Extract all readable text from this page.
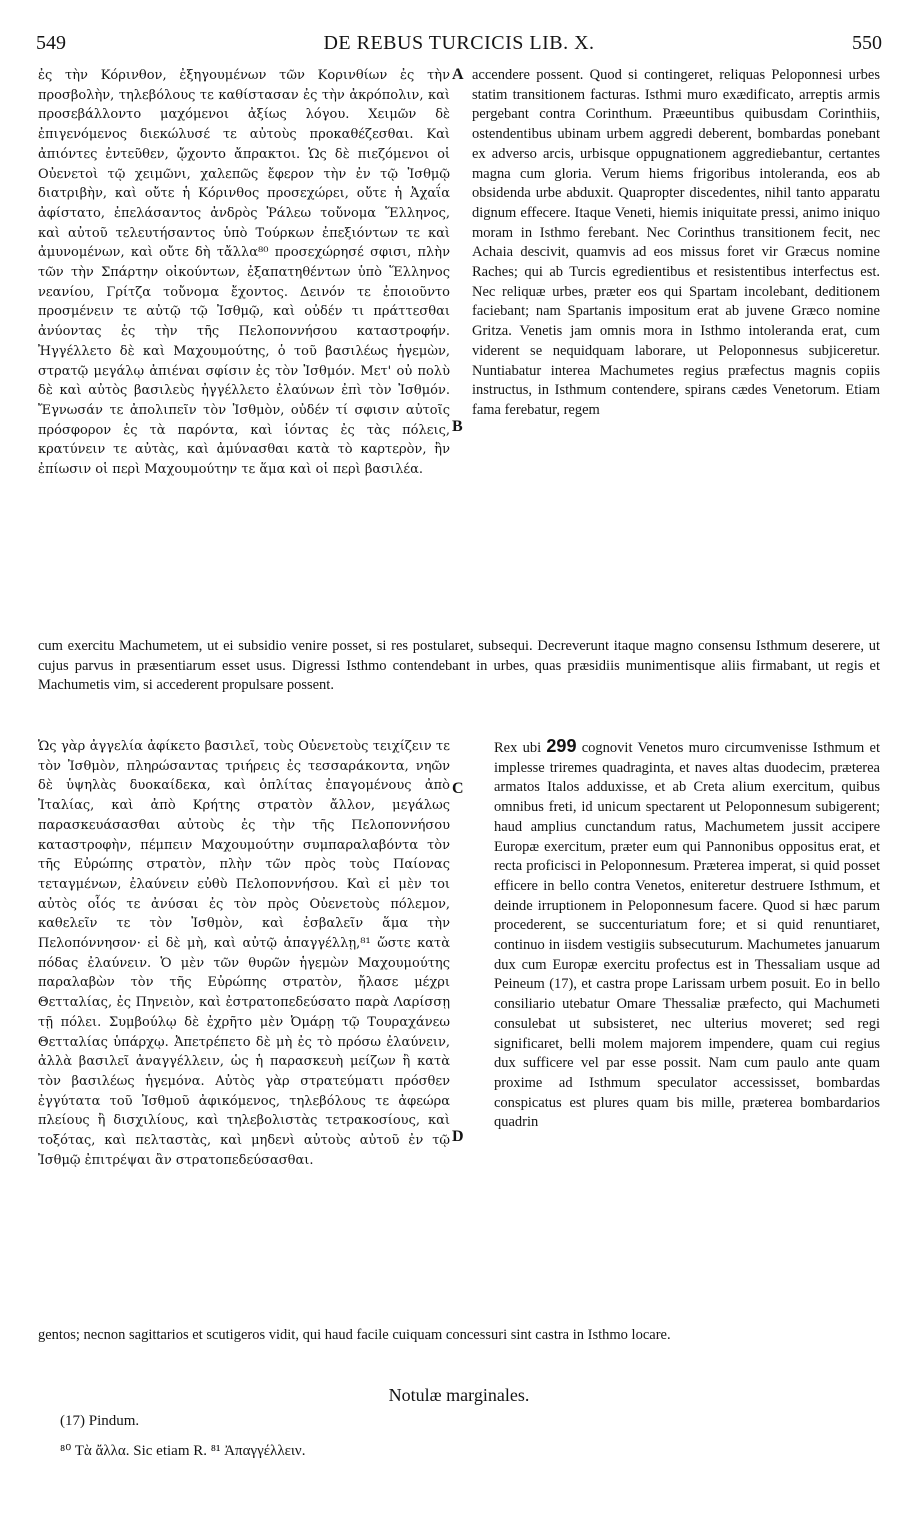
549	DE REBUS TURCICIS LIB. X.	550

ἐς τὴν Κόρινθον, ἐξηγουμένων τῶν Κορινθίων ἐς τὴν προσβολὴν, τηλεβόλους τε καθίστασαν ἐς τὴν ἀκρόπολιν, καὶ προσεβάλλοντο μαχόμενοι ἀξίως λόγου. Χειμῶν δὲ ἐπιγενόμενος διεκώλυσέ τε αὐτοὺς προκαθέζεσθαι. Καὶ ἀπιόντες ἐντεῦθεν, ᾤχοντο ἄπρακτοι. Ὡς δὲ πιεζόμενοι οἱ Οὐενετοὶ τῷ χειμῶνι, χαλεπῶς ἔφερον τὴν ἐν τῷ Ἰσθμῷ διατριβὴν, καὶ οὔτε ἡ Κόρινθος προσεχώρει, οὔτε ἡ Ἀχαΐα ἀφίστατο, ἐπελάσαντος ἀνδρὸς Ῥάλεω τοὔνομα Ἕλληνος, καὶ αὐτοῦ τελευτήσαντος ὑπὸ Τούρκων ἐπεξιόντων τε καὶ ἀμυνομένων, καὶ οὔτε δὴ τἄλλα⁸⁰ προσεχώρησέ σφισι, πλὴν τῶν τὴν Σπάρτην οἰκούντων, ἐξαπατηθέντων ὑπὸ Ἕλληνος νεανίου, Γρίτζα τοὔνομα ἔχοντος. Δεινόν τε ἐποιοῦντο προσμένειν τε αὐτῷ τῷ Ἰσθμῷ, καὶ οὐδέν τι πράττεσθαι ἀνύοντας ἐς τὴν τῆς Πελοποννήσου καταστροφήν. Ἠγγέλλετο δὲ καὶ Μαχουμούτης, ὁ τοῦ βασιλέως ἡγεμὼν, στρατῷ μεγάλῳ ἀπιέναι σφίσιν ἐς τὸν Ἰσθμόν. Μετ' οὐ πολὺ δὲ καὶ αὐτὸς βασιλεὺς ἠγγέλλετο ἐλαύνων ἐπὶ τὸν Ἰσθμόν. Ἔγνωσάν τε ἀπολιπεῖν τὸν Ἰσθμὸν, οὐδέν τί σφισιν αὐτοῖς πρόσφορον ἐς τὰ παρόντα, καὶ ἰόντας ἐς τὰς πόλεις, κρατύνειν τε αὐτὰς, καὶ ἀμύνασθαι κατὰ τὸ καρτερὸν, ἢν ἐπίωσιν οἱ περὶ Μαχουμούτην τε ἅμα καὶ οἱ περὶ βασιλέα.

A
B

accendere possent. Quod si contingeret, reliquas Peloponnesi urbes statim transitionem facturas. Isthmi muro exædificato, arreptis armis pergebant contra Corinthum. Præeuntibus quibusdam Corinthiis, ostendentibus ubinam urbem aggredi deberent, bombardas ponebant ex adverso arcis, urbisque oppugnationem aggrediebantur, certantes magna cum gloria. Verum hiems frigoribus intoleranda, eos ab obsidenda urbe abduxit. Quapropter discedentes, nihil tanto apparatu dignum effecere. Itaque Veneti, hiemis iniquitate pressi, animo iniquo moram in Isthmo ferebant. Nec Corinthus transitionem fecit, nec Achaia descivit, quamvis ad eos missus foret vir Græcus nomine Raches; qui ab Turcis egredientibus et resistentibus interfectus est. Nec reliquæ urbes, præter eos qui Spartam incolebant, deditionem faciebant; nam Spartanis impositum erat ab juvene Græco nomine Gritza. Venetis jam omnis mora in Isthmo intoleranda erat, cum viderent se nequidquam laborare, ut Peloponnesus subjiceretur. Nuntiabatur interea Machumetes regius præfectus magnis copiis instructus, in Isthmum contendere, spirans cædes Venetorum. Etiam fama ferebatur, regem

cum exercitu Machumetem, ut ei subsidio venire posset, si res postularet, subsequi. Decreverunt itaque magno consensu Isthmum deserere, ut cujus parvus in præsentiarum esset usus. Digressi Isthmo contendebant in urbes, quas præsidiis munimentisque aliis firmabant, ut regis et Machumetis vim, si accederent propulsare possent.

Ὡς γὰρ ἀγγελία ἀφίκετο βασιλεῖ, τοὺς Οὐενετοὺς τειχίζειν τε τὸν Ἰσθμὸν, πληρώσαντας τριήρεις ἐς τεσσαράκοντα, νηῶν δὲ ὑψηλὰς δυοκαίδεκα, καὶ ὁπλίτας ἐπαγομένους ἀπὸ Ἰταλίας, καὶ ἀπὸ Κρήτης στρατὸν ἄλλον, μεγάλως παρασκευάσασθαι αὐτοὺς ἐς τὴν τῆς Πελοποννήσου καταστροφὴν, πέμπειν Μαχουμούτην συμπαραλαβόντα τὸν τῆς Εὐρώπης στρατὸν, πλὴν τῶν πρὸς τοὺς Παίονας τεταγμένων, ἐλαύνειν εὐθὺ Πελοποννήσου. Καὶ εἰ μὲν τοι αὐτὸς οἷός τε ἀνύσαι ἐς τὸν πρὸς Οὐενετοὺς πόλεμον, καθελεῖν τε τὸν Ἰσθμὸν, καὶ ἐσβαλεῖν ἅμα τὴν Πελοπόννησον· εἰ δὲ μὴ, καὶ αὐτῷ ἀπαγγέλλῃ,⁸¹ ὥστε κατὰ πόδας ἐλαύνειν. Ὁ μὲν τῶν θυρῶν ἡγεμὼν Μαχουμούτης παραλαβὼν τὸν τῆς Εὐρώπης στρατὸν, ἤλασε μέχρι Θετταλίας, ἐς Πηνειὸν, καὶ ἐστρατοπεδεύσατο παρὰ Λαρίσσῃ τῇ πόλει. Συμβούλῳ δὲ ἐχρῆτο μὲν Ὀμάρῃ τῷ Τουραχάνεω Θετταλίας ὑπάρχῳ. Ἀπετρέπετο δὲ μὴ ἐς τὸ πρόσω ἐλαύνειν, ἀλλὰ βασιλεῖ ἀναγγέλλειν, ὡς ἡ παρασκευὴ μείζων ἢ κατὰ τὸν βασιλέως ἡγεμόνα. Αὐτὸς γὰρ στρατεύματι πρόσθεν ἐγγύτατα τοῦ Ἰσθμοῦ ἀφικόμενος, τηλεβόλους τε ἀφεώρα πλείους ἢ δισχιλίους, καὶ τηλεβολιστὰς τετρακοσίους, καὶ τοξότας, καὶ πελταστὰς, καὶ μηδενὶ αὐτοὺς αὐτοῦ ἐν τῷ Ἰσθμῷ ἐπιτρέψαι ἂν στρατοπεδεύσασθαι.

C
D

Rex ubi 299 cognovit Venetos muro circumvenisse Isthmum et implesse triremes quadraginta, et naves altas duodecim, præterea armatos Italos adduxisse, et ab Creta alium exercitum, quibus omnibus freti, id unicum spectarent ut Peloponnesum subigerent; haud amplius cunctandum ratus, Machumetem jussit accipere Europæ exercitum, præter eum qui Pannonibus oppositus erat, et recta proficisci in Peloponnesum. Præterea imperat, si quid posset efficere in bello contra Venetos, eniteretur destruere Isthmum, et deinde irruptionem in Peloponnesum facere. Quod si hæc parum procederent, se succenturiatum fore; et si quid renuntiaret, continuo in iisdem vestigiis subsecuturum. Machumetes januarum dux cum Europæ exercitu profectus est in Thessaliam usque ad Peineum (17), et castra prope Larissam urbem posuit. Eo in bello consiliario utebatur Omare Thessaliæ præfecto, qui Machumeti consulebat ut subsisteret, nec ulterius moveret; sed regi significaret, belli molem majorem impendere, quam cui regius dux sufficere vel par esse possit. Nam cum paulo ante quam proxime ad Isthmum speculator accessisset, bombardas conspicatus est plures quam bis mille, præterea bombardarios quadrin

gentos; necnon sagittarios et scutigeros vidit, qui haud facile cuiquam concessuri sint castra in Isthmo locare.

Notulæ marginales.
(17) Pindum.
⁸⁰ Τὰ ἄλλα. Sic etiam R. ⁸¹ Ἀπαγγέλλειν.
